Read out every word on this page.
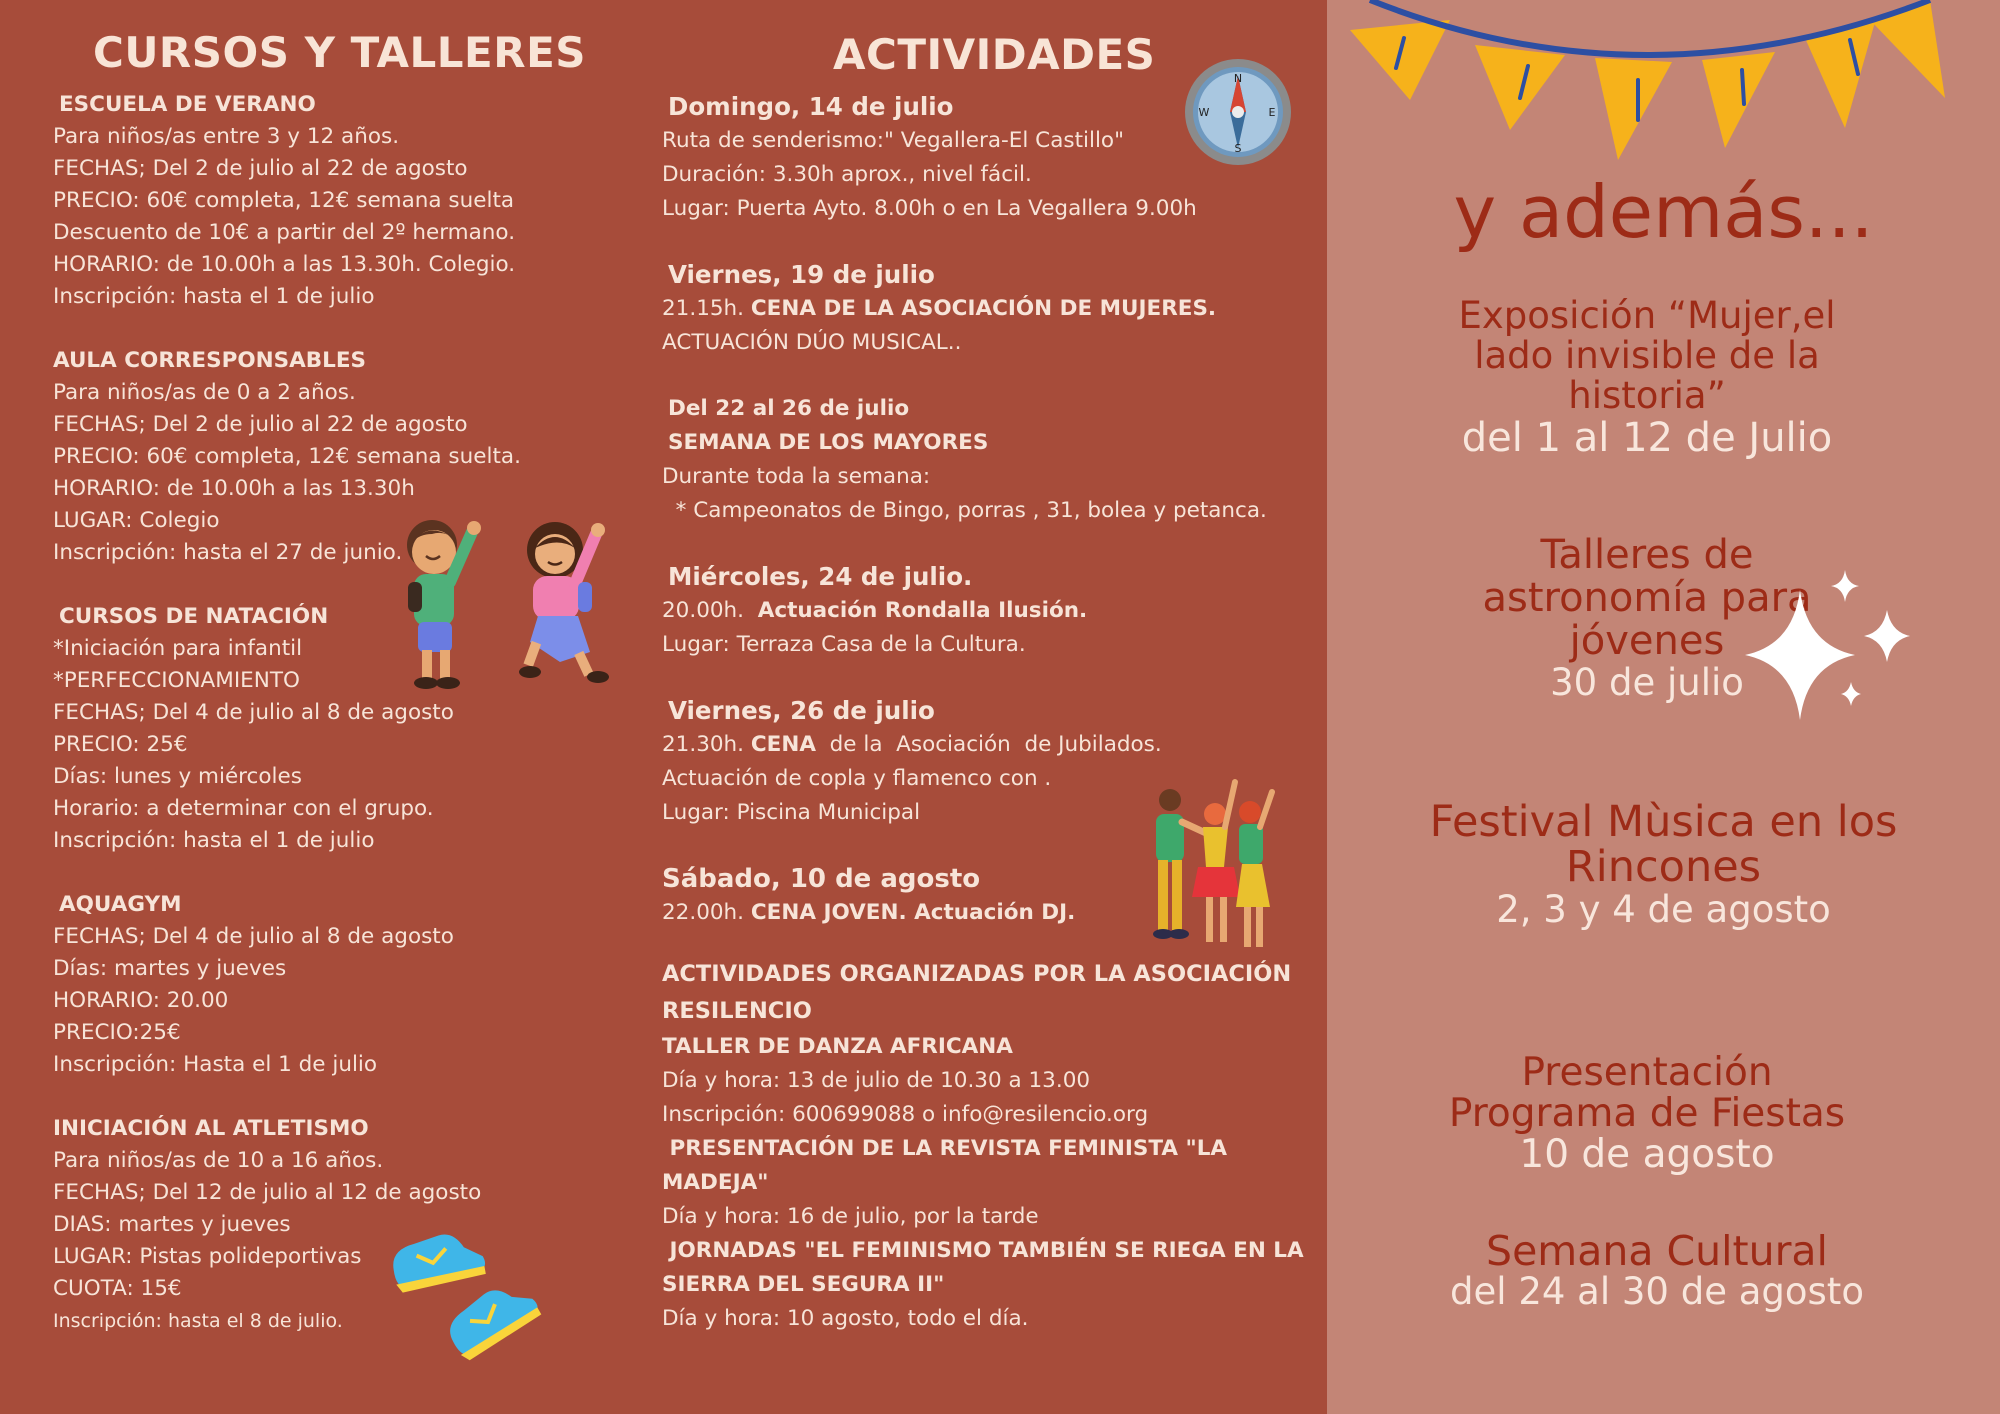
CURSOS Y TALLERES
ESCUELA DE VERANO
Para niños/as entre 3 y 12 años.
FECHAS; Del 2 de julio al 22 de agosto
PRECIO: 60€ completa, 12€ semana suelta
Descuento de 10€ a partir del 2º hermano.
HORARIO: de 10.00h a las 13.30h. Colegio.
Inscripción: hasta el 1 de julio
AULA CORRESPONSABLES
Para niños/as de 0 a 2 años.
FECHAS; Del 2 de julio al 22 de agosto
PRECIO: 60€ completa, 12€ semana suelta.
HORARIO: de 10.00h a las 13.30h
LUGAR: Colegio
Inscripción: hasta el 27 de junio.
CURSOS DE NATACIÓN
*Iniciación para infantil
*PERFECCIONAMIENTO
FECHAS; Del 4 de julio al 8 de agosto
PRECIO: 25€
Días: lunes y miércoles
Horario: a determinar con el grupo.
Inscripción: hasta el 1 de julio
AQUAGYM
FECHAS; Del 4 de julio al 8 de agosto
Días: martes y jueves
HORARIO: 20.00
PRECIO:25€
Inscripción: Hasta el 1 de julio
INICIACIÓN AL ATLETISMO
Para niños/as de 10 a 16 años.
FECHAS; Del 12 de julio al 12 de agosto
DIAS: martes y jueves
LUGAR: Pistas polideportivas
CUOTA: 15€
Inscripción: hasta el 8 de julio.
ACTIVIDADES	N
S
E
W
Domingo, 14 de julio
Ruta de senderismo:" Vegallera-El Castillo"
Duración: 3.30h aprox., nivel fácil.
Lugar: Puerta Ayto. 8.00h o en La Vegallera 9.00h
Viernes, 19 de julio
21.15h. CENA DE LA ASOCIACIÓN DE MUJERES.
ACTUACIÓN DÚO MUSICAL..
Del 22 al 26 de julio
SEMANA DE LOS MAYORES
Durante toda la semana:
* Campeonatos de Bingo, porras , 31, bolea y petanca.
Miércoles, 24 de julio.
20.00h.  Actuación Rondalla Ilusión.
Lugar: Terraza Casa de la Cultura.
Viernes, 26 de julio
21.30h. CENA  de la  Asociación  de Jubilados.
Actuación de copla y flamenco con .
Lugar: Piscina Municipal
Sábado, 10 de agosto
22.00h. CENA JOVEN. Actuación DJ.
ACTIVIDADES ORGANIZADAS POR LA ASOCIACIÓN
RESILENCIO
TALLER DE DANZA AFRICANA
Día y hora: 13 de julio de 10.30 a 13.00
Inscripción: 600699088 o info@resilencio.org
PRESENTACIÓN DE LA REVISTA FEMINISTA "LA
MADEJA"
Día y hora: 16 de julio, por la tarde
JORNADAS "EL FEMINISMO TAMBIÉN SE RIEGA EN LA
SIERRA DEL SEGURA II"
Día y hora: 10 agosto, todo el día.
y además...
Exposición “Mujer,el
lado invisible de la
historia”
del 1 al 12 de Julio
Talleres de
astronomía para
jóvenes
30 de julio
Festival Mùsica en los
Rincones
2, 3 y 4 de agosto
Presentación
Programa de Fiestas
10 de agosto
Semana Cultural
del 24 al 30 de agosto
